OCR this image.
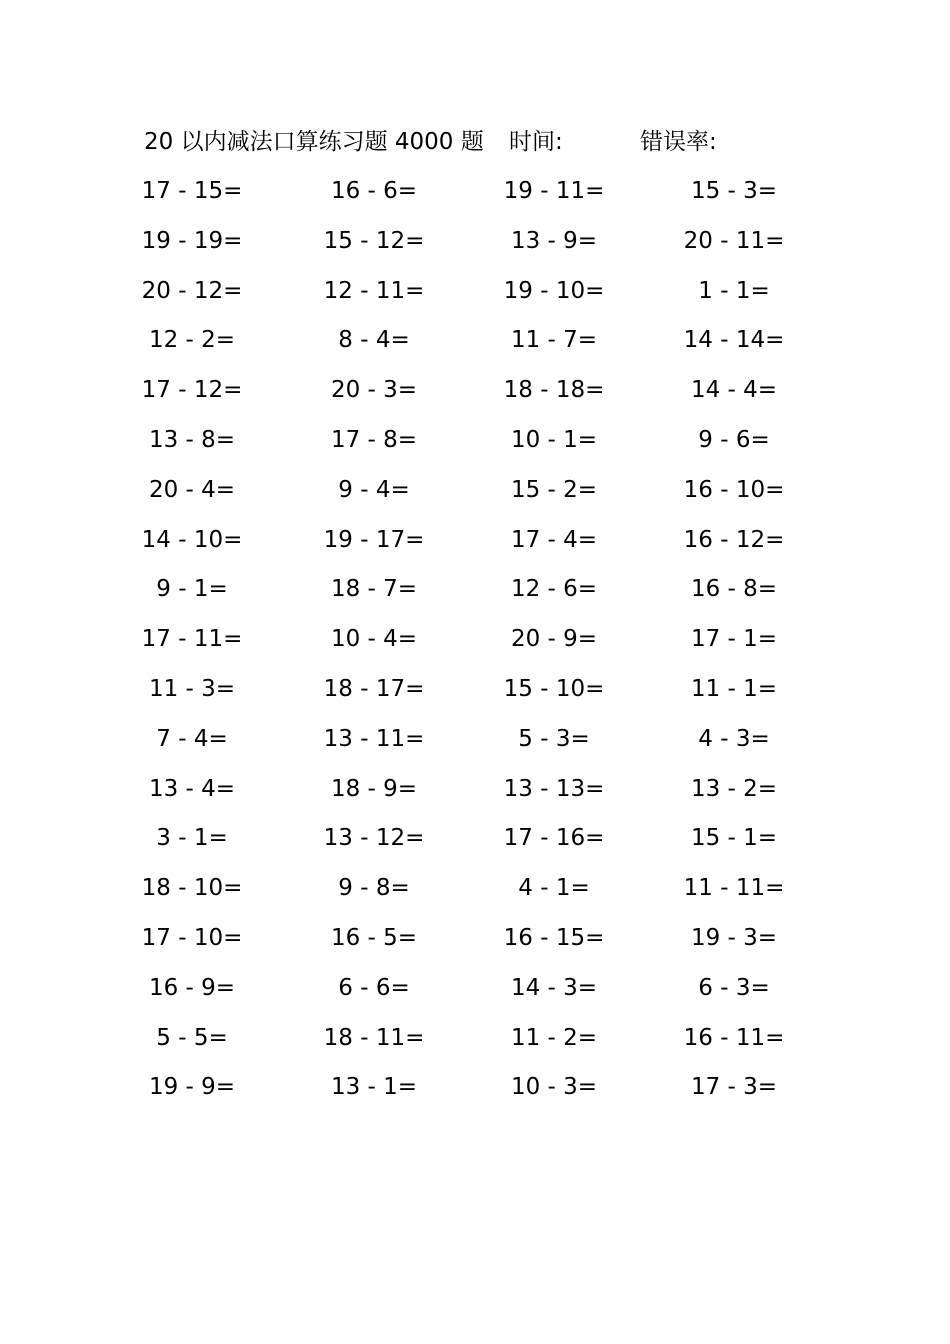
20 以内减法口算练习题 4000 题 时间:	错误率:
17 - 15=	16 - 6=	19 - 11=	15 - 3=
19 - 19=	15 - 12=	13 - 9=	20 - 11=
20 - 12=	12 - 11=	19 - 10=	1 - 1=
12 - 2=	8 - 4=	11 - 7=	14 - 14=
17 - 12=	20 - 3=	18 - 18=	14 - 4=
13 - 8=	17 - 8=	10 - 1=	9 - 6=
20 - 4=	9 - 4=	15 - 2=	16 - 10=
14 - 10=	19 - 17=	17 - 4=	16 - 12=
9 - 1=	18 - 7=	12 - 6=	16 - 8=
17 - 11=	10 - 4=	20 - 9=	17 - 1=
11 - 3=	18 - 17=	15 - 10=	11 - 1=
7 - 4=	13 - 11=	5 - 3=	4 - 3=
13 - 4=	18 - 9=	13 - 13=	13 - 2=
3 - 1=	13 - 12=	17 - 16=	15 - 1=
18 - 10=	9 - 8=	4 - 1=	11 - 11=
17 - 10=	16 - 5=	16 - 15=	19 - 3=
16 - 9=	6 - 6=	14 - 3=	6 - 3=
5 - 5=	18 - 11=	11 - 2=	16 - 11=
19 - 9=	13 - 1=	10 - 3=	17 - 3=
